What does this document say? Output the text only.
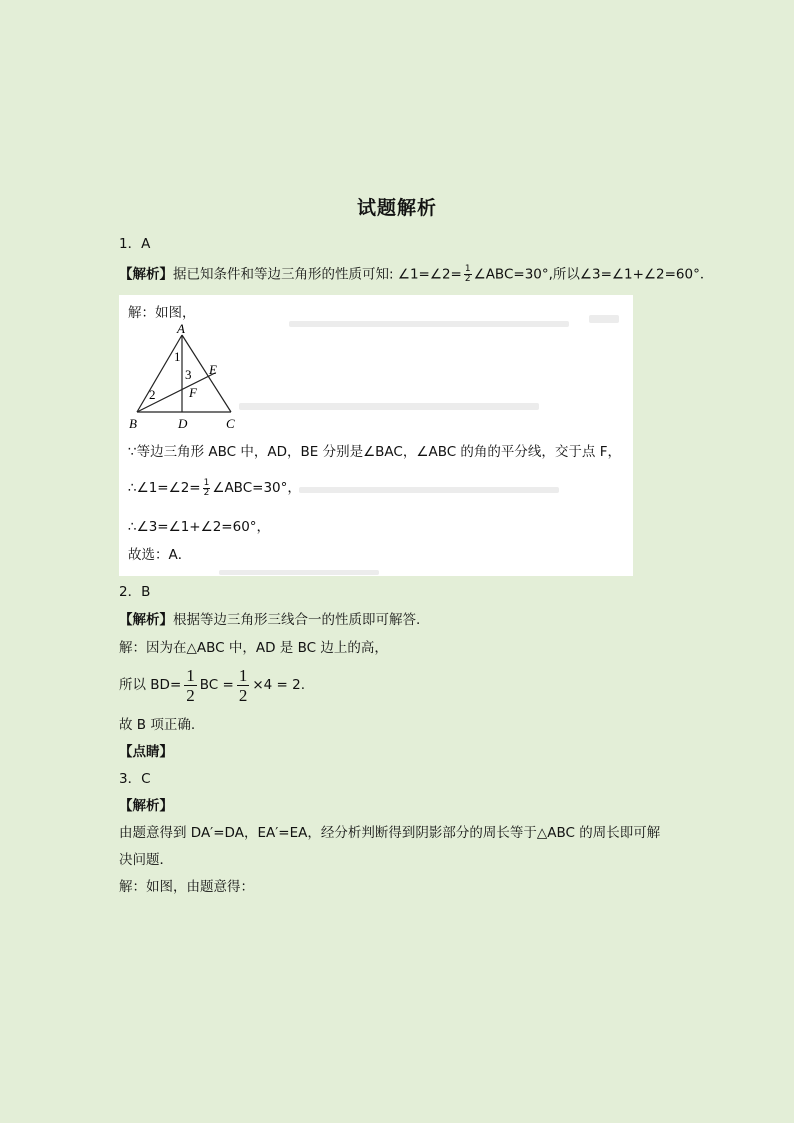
试题解析
1．A
【解析】据已知条件和等边三角形的性质可知: ∠1=∠2= $\frac{1}{2}$ ∠ABC=30°,所以∠3=∠1+∠2=60°．
解：如图，
A
1
3 E
F
2
B	D	C
∵等边三角形 ABC 中，AD，BE 分别是∠BAC，∠ABC 的角的平分线，交于点 F，
∴∠1=∠2= $\frac{1}{2}$ ∠ABC=30°，
∴∠3=∠1+∠2=60°，
故选：A．
2．B
【解析】根据等边三角形三线合一的性质即可解答.
解：因为在△ABC 中，AD 是 BC 边上的高，
所以 $BD= \frac{1}{2}$ BC = $\frac{1}{2} \times 4 = 2$.
故 B 项正确.
【点睛】
3．C
【解析】
由题意得到 DA′=DA，EA′=EA，经分析判断得到阴影部分的周长等于△ABC 的周长即可解
决问题．
解：如图，由题意得：
